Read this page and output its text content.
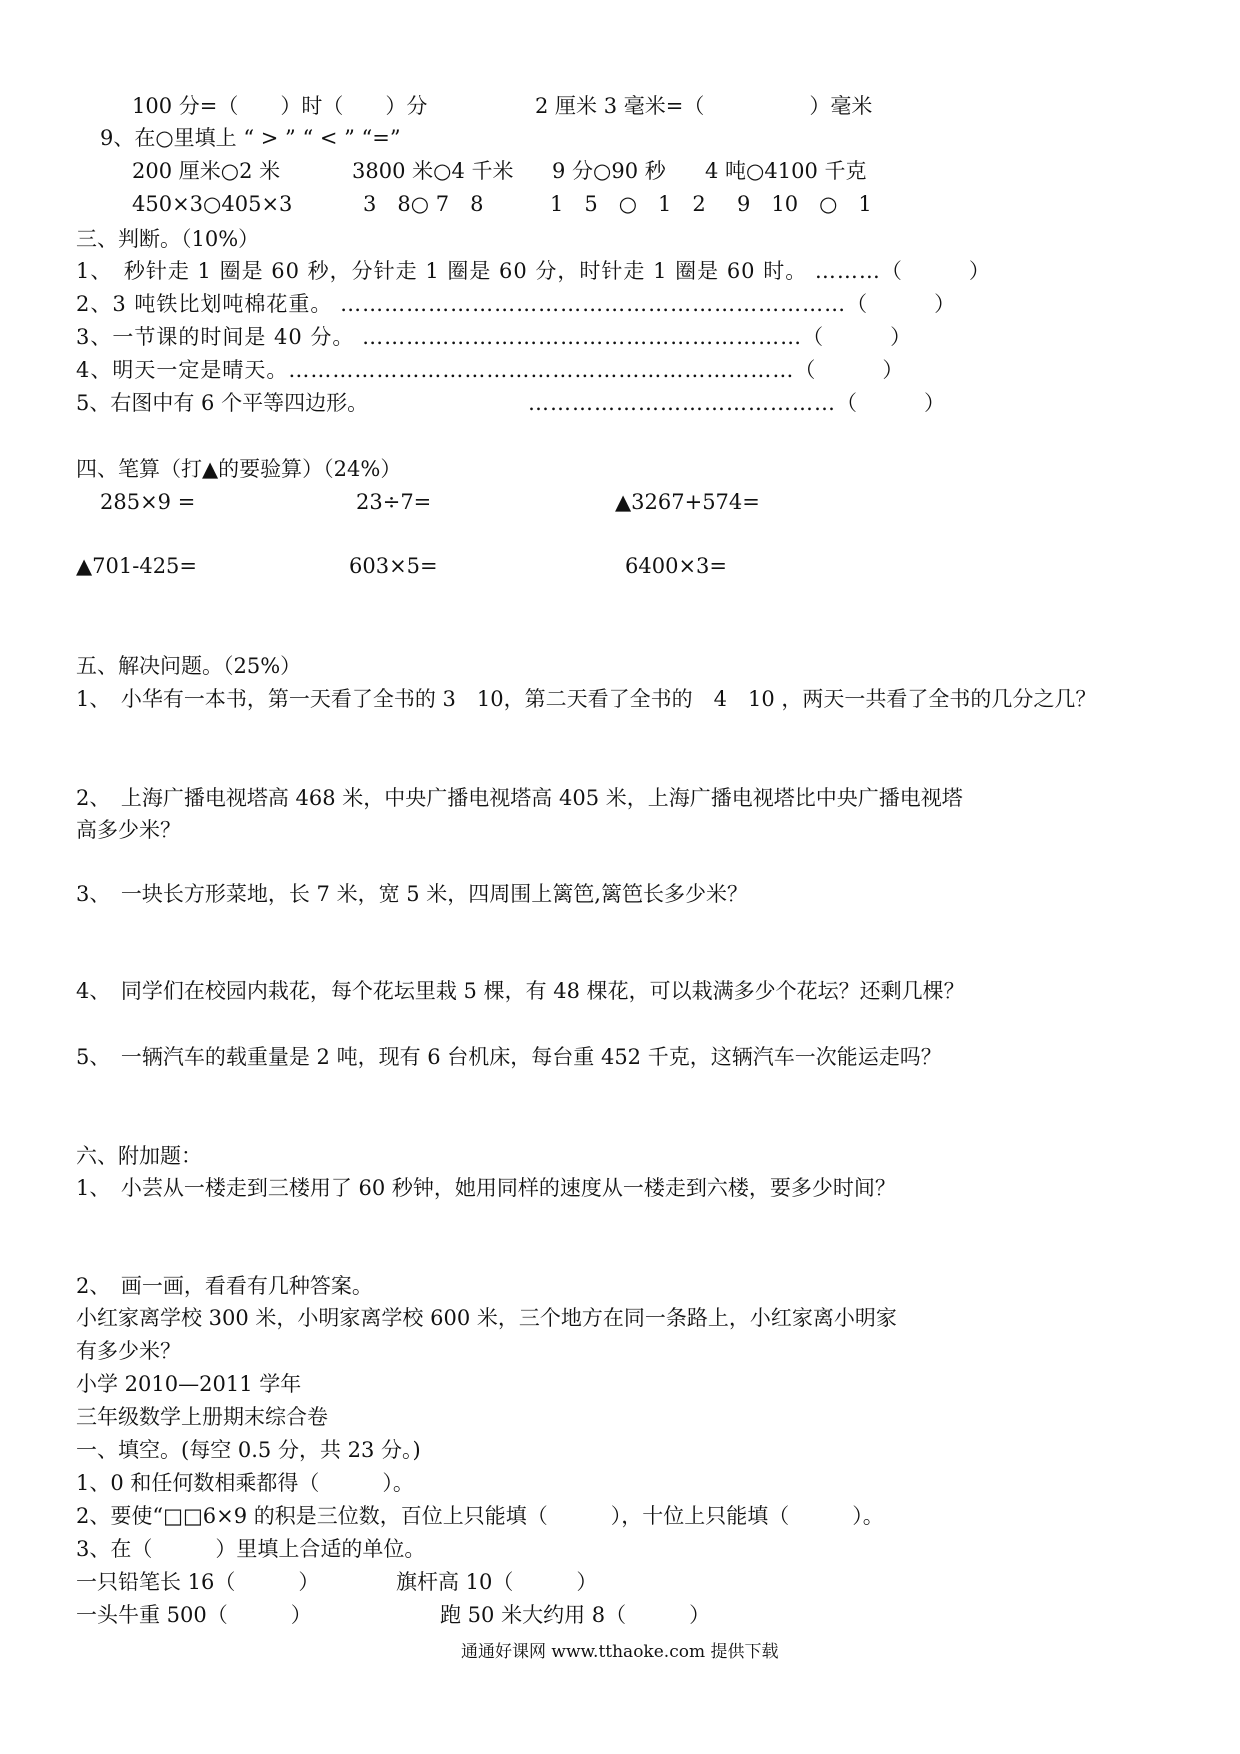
100 分=（　　）时（　　）分	2 厘米 3 毫米=（　　　　　）毫米
9、在○里填上 “ > ” “ < ” “=”
200 厘米○2 米	3800 米○4 千米 9 分○90 秒 4 吨○4100 千克
450×3○405×3	3　8○ 7　8	1　5　○　1　2 9　10　○　1
三、判断。（10%）
1、　秒针走 1 圈是 60 秒，分针走 1 圈是 60 分，时针走 1 圈是 60 时。 ………（　　　）
2、3 吨铁比划吨棉花重。 ……………………………………………………………（　　　）
3、一节课的时间是 40 分。 ……………………………………………………（　　　）
4、明天一定是晴天。……………………………………………………………（　　　）
5、右图中有 6 个平等四边形。	……………………………………（　　　）
四、笔算（打▲的要验算）（24%）
285×9 =	23÷7=	▲3267+574=
▲701-425=	603×5=	6400×3=
五、解决问题。（25%）
1、　小华有一本书，第一天看了全书的 3　10，第二天看了全书的　4　10 ，两天一共看了全书的几分之几？
2、　上海广播电视塔高 468 米，中央广播电视塔高 405 米，上海广播电视塔比中央广播电视塔
高多少米？
3、　一块长方形菜地，长 7 米，宽 5 米，四周围上篱笆,篱笆长多少米？
4、　同学们在校园内栽花，每个花坛里栽 5 棵，有 48 棵花，可以栽满多少个花坛？还剩几棵？
5、　一辆汽车的载重量是 2 吨，现有 6 台机床，每台重 452 千克，这辆汽车一次能运走吗？
六、附加题：
1、　小芸从一楼走到三楼用了 60 秒钟，她用同样的速度从一楼走到六楼，要多少时间？
2、　画一画，看看有几种答案。
小红家离学校 300 米，小明家离学校 600 米，三个地方在同一条路上，小红家离小明家
有多少米？
小学 2010—2011 学年
三年级数学上册期末综合卷
一、填空。(每空 0.5 分，共 23 分。)
1、0 和任何数相乘都得（　　　）。
2、要使“□□6×9 的积是三位数，百位上只能填（　　　），十位上只能填（　　　）。
3、在（　　　）里填上合适的单位。
一只铅笔长 16（　　　）	旗杆高 10（　　　）
一头牛重 500（　　　）	跑 50 米大约用 8（　　　）
通通好课网 www.tthaoke.com 提供下载
